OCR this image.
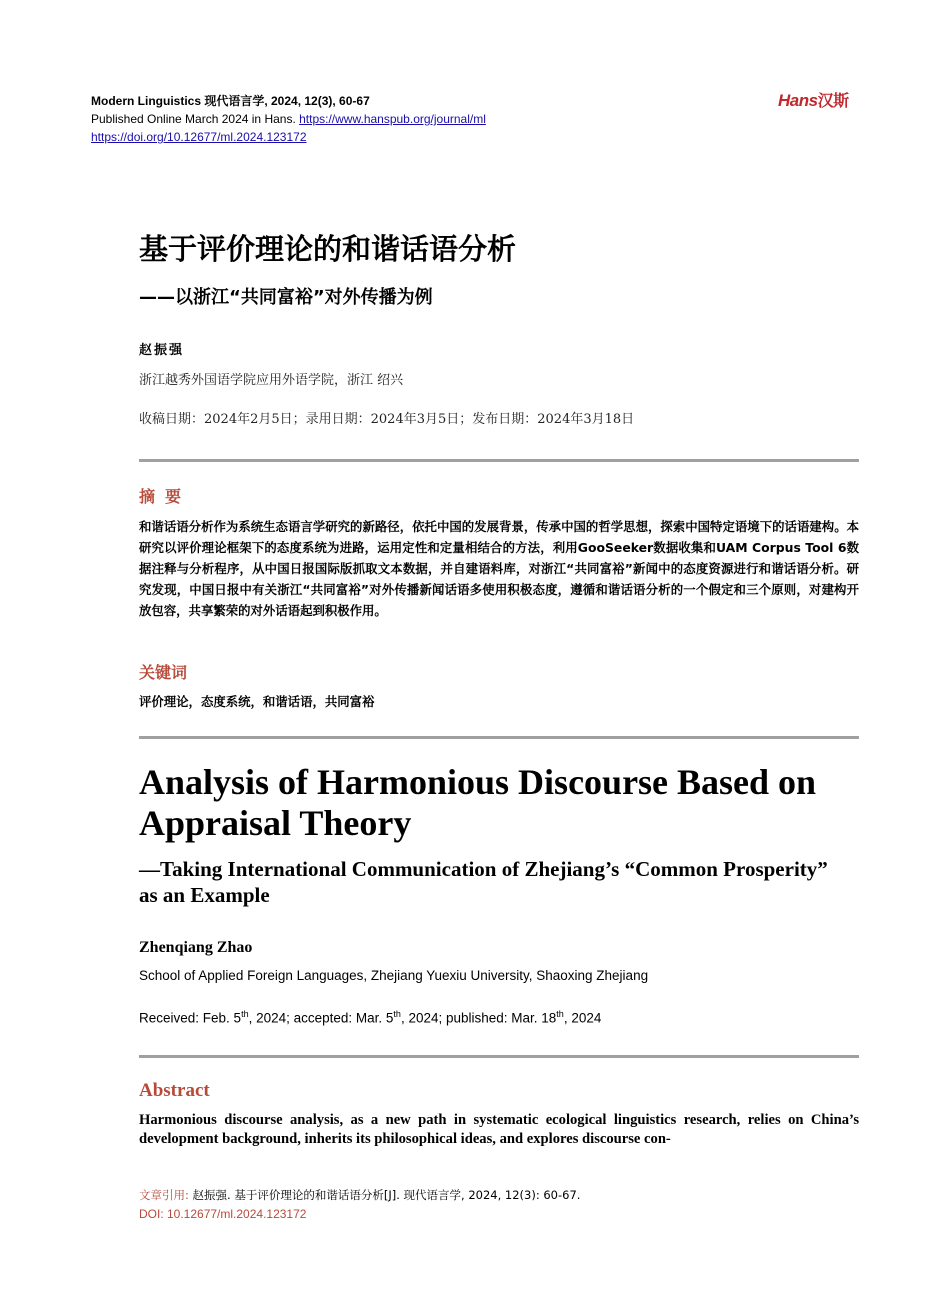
Modern Linguistics 现代语言学, 2024, 12(3), 60-67
Published Online March 2024 in Hans. https://www.hanspub.org/journal/ml
https://doi.org/10.12677/ml.2024.123172
Hans汉斯
基于评价理论的和谐话语分析
——以浙江“共同富裕”对外传播为例
赵振强
浙江越秀外国语学院应用外语学院，浙江 绍兴
收稿日期：2024年2月5日；录用日期：2024年3月5日；发布日期：2024年3月18日
摘要
和谐话语分析作为系统生态语言学研究的新路径，依托中国的发展背景，传承中国的哲学思想，探索中国特定语境下的话语建构。本研究以评价理论框架下的态度系统为进路，运用定性和定量相结合的方法，利用GooSeeker数据收集和UAM Corpus Tool 6数据注释与分析程序，从中国日报国际版抓取文本数据，并自建语料库，对浙江“共同富裕”新闻中的态度资源进行和谐话语分析。研究发现，中国日报中有关浙江“共同富裕”对外传播新闻话语多使用积极态度，遵循和谐话语分析的一个假定和三个原则，对建构开放包容，共享繁荣的对外话语起到积极作用。
关键词
评价理论，态度系统，和谐话语，共同富裕
Analysis of Harmonious Discourse Based on Appraisal Theory
—Taking International Communication of Zhejiang’s “Common Prosperity” as an Example
Zhenqiang Zhao
School of Applied Foreign Languages, Zhejiang Yuexiu University, Shaoxing Zhejiang
Received: Feb. 5th, 2024; accepted: Mar. 5th, 2024; published: Mar. 18th, 2024
Abstract
Harmonious discourse analysis, as a new path in systematic ecological linguistics research, relies on China’s development background, inherits its philosophical ideas, and explores discourse con-
文章引用: 赵振强. 基于评价理论的和谐话语分析[J]. 现代语言学, 2024, 12(3): 60-67.
DOI: 10.12677/ml.2024.123172
